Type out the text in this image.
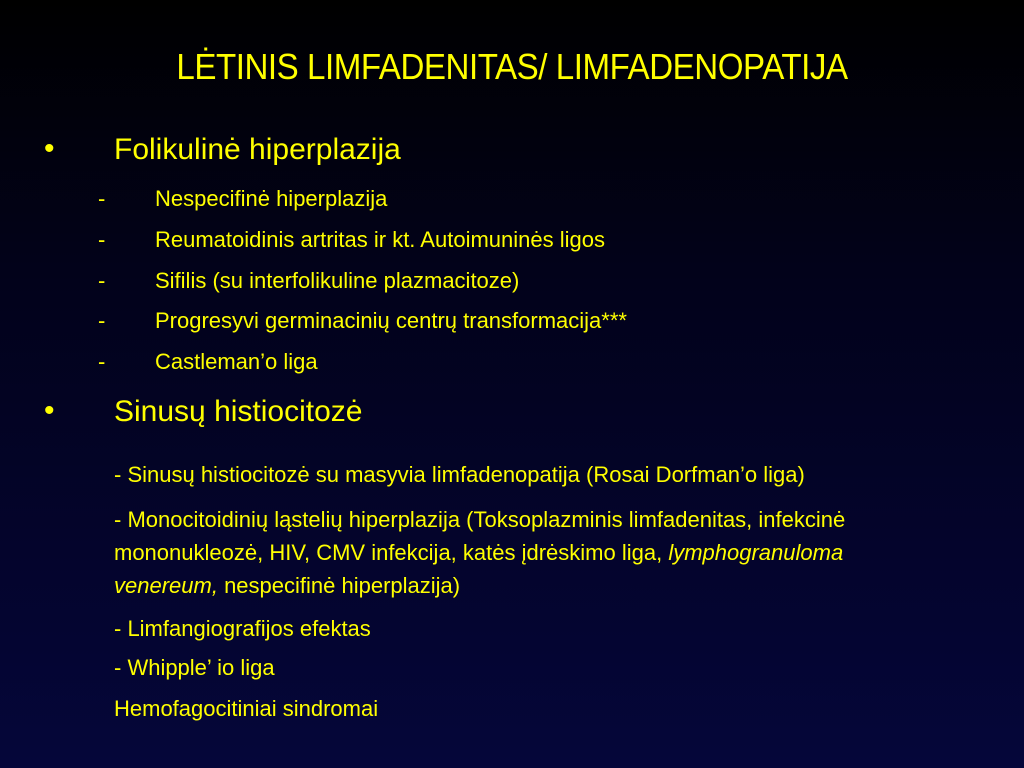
LĖTINIS LIMFADENITAS/ LIMFADENOPATIJA
• Folikulinė hiperplazija
- Nespecifinė hiperplazija
- Reumatoidinis artritas ir kt. Autoimuninės ligos
- Sifilis (su interfolikuline plazmacitoze)
- Progresyvi germinacinių centrų transformacija***
- Castleman’o liga
• Sinusų histiocitozė
- Sinusų histiocitozė su masyvia limfadenopatija (Rosai Dorfman’o liga)
- Monocitoidinių ląstelių hiperplazija (Toksoplazminis limfadenitas, infekcinė
mononukleozė, HIV, CMV infekcija, katės įdrėskimo liga, lymphogranuloma
venereum, nespecifinė hiperplazija)
- Limfangiografijos efektas
- Whipple’ io liga
Hemofagocitiniai sindromai
